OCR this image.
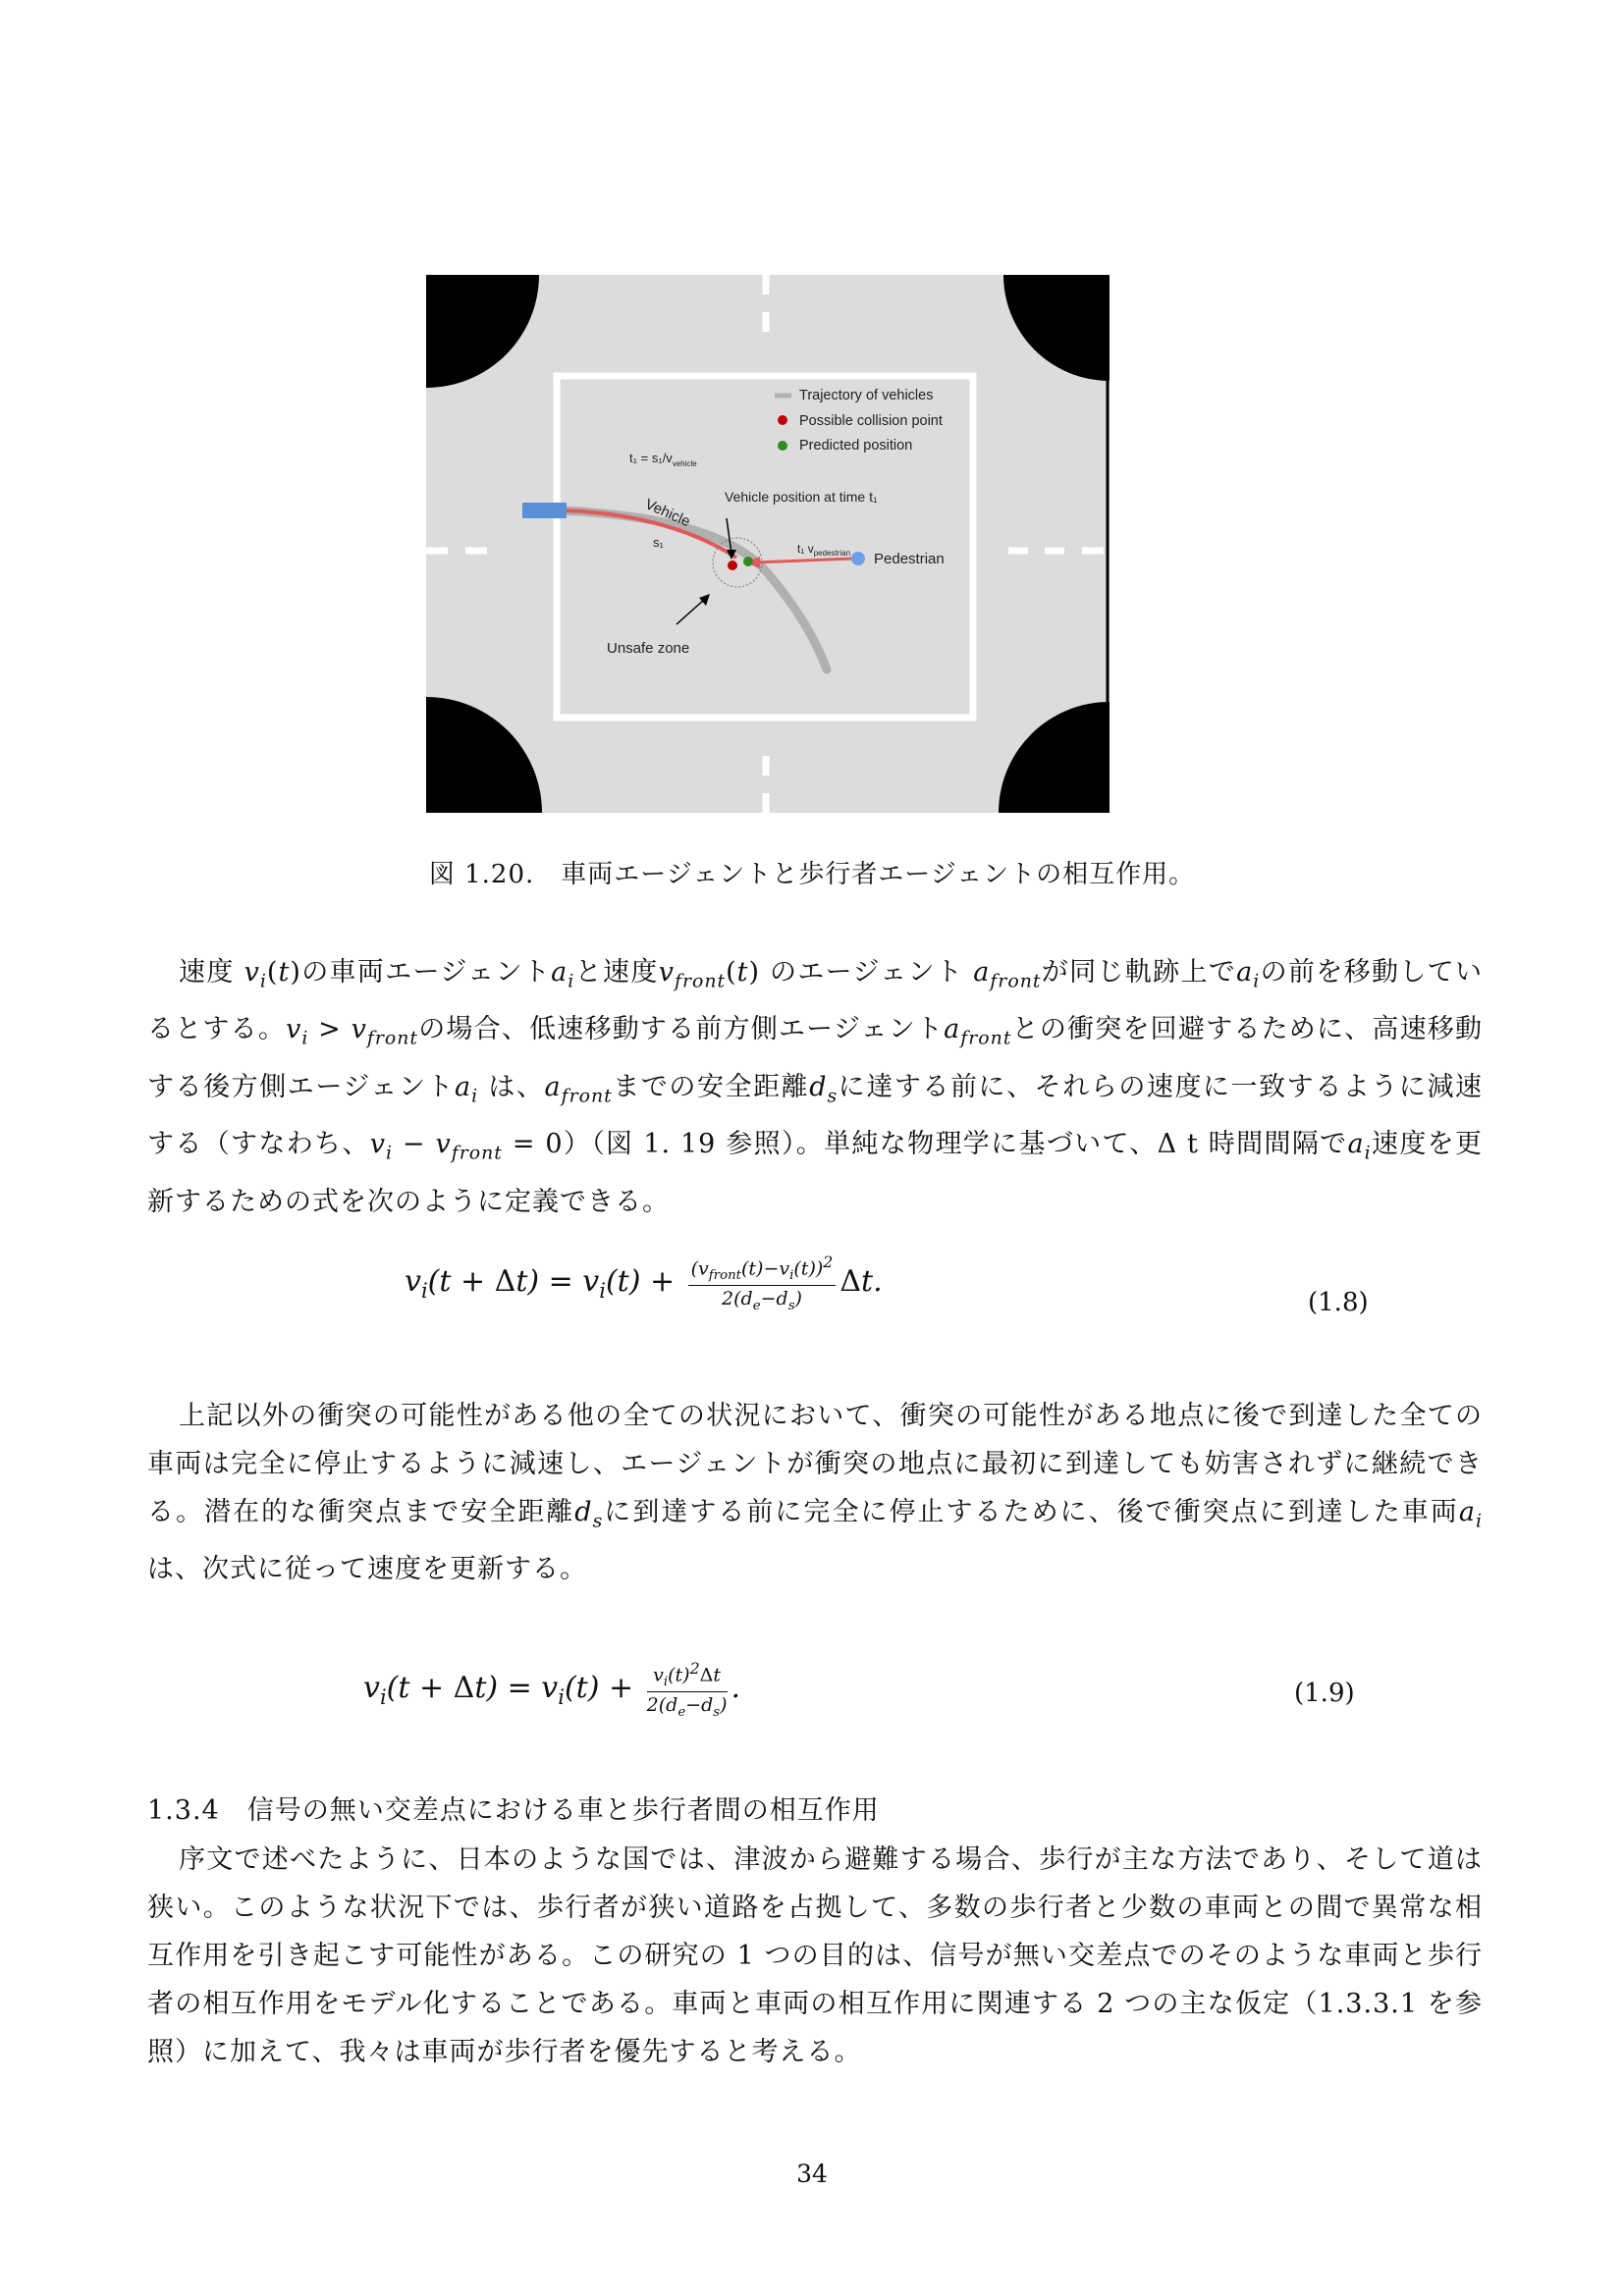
Trajectory of vehicles
Possible collision point
Predicted position
$t_1 = s_1/v_{vehicle}$
Vehicle
s₁
Vehicle position at time t₁
t₁ $v_{pedestrian}$ Pedestrian
Unsafe zone
図 1.20.　車両エージェントと歩行者エージェントの相互作用。

速度 $v_i(t)$の車両エージェント$a_i$と速度$v_{front}(t)$ のエージェント $a_{front}$が同じ軌跡上で$a_i$の前を移動しているとする。$v_i > v_{front}$の場合、低速移動する前方側エージェント$a_{front}$との衝突を回避するために、高速移動する後方側エージェント$a_i$ は、$a_{front}$までの安全距離$d_s$に達する前に、それらの速度に一致するように減速する（すなわち、$v_i - v_{front} = 0$）（図 1. 19 参照）。単純な物理学に基づいて、Δ t 時間間隔で$a_i$速度を更新するための式を次のように定義できる。

$v_i(t + \Delta t) = v_i(t) + \frac{(v_{front}(t)-v_i(t))^2}{2(d_e-d_s)} \Delta t$.
(1.8)

上記以外の衝突の可能性がある他の全ての状況において、衝突の可能性がある地点に後で到達した全ての車両は完全に停止するように減速し、エージェントが衝突の地点に最初に到達しても妨害されずに継続できる。潜在的な衝突点まで安全距離$d_s$に到達する前に完全に停止するために、後で衝突点に到達した車両$a_i$は、次式に従って速度を更新する。

$v_i(t + \Delta t) = v_i(t) + \frac{v_i(t)^2\Delta t}{2(d_e-d_s)}$ .	(1.9)
1.3.4　信号の無い交差点における車と歩行者間の相互作用

序文で述べたように、日本のような国では、津波から避難する場合、歩行が主な方法であり、そして道は狭い。このような状況下では、歩行者が狭い道路を占拠して、多数の歩行者と少数の車両との間で異常な相互作用を引き起こす可能性がある。この研究の 1 つの目的は、信号が無い交差点でのそのような車両と歩行者の相互作用をモデル化することである。車両と車両の相互作用に関連する 2 つの主な仮定（1.3.3.1 を参照）に加えて、我々は車両が歩行者を優先すると考える。

34
